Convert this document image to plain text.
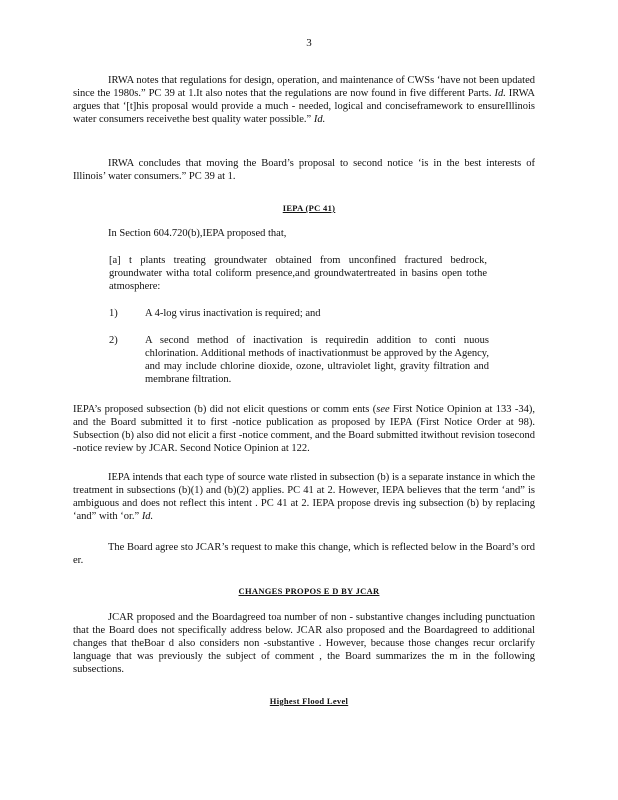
3
IRWA notes that regulations for design, operation, and maintenance of CWSs ‘have not been updated since the 1980s.” PC 39 at 1.It also notes that the regulations are now found in five different Parts. Id. IRWA argues that ‘[t]his proposal would provide a much - needed, logical and conciseframework to ensureIllinois water consumers receivethe best quality water possible.” Id.
IRWA concludes that moving the Board’s proposal to second notice ‘is in the best interests of Illinois’ water consumers.” PC 39 at 1.
IEPA (PC 41)
In Section 604.720(b),IEPA proposed that,
[a] t plants treating groundwater obtained from unconfined fractured bedrock, groundwater witha total coliform presence,and groundwatertreated in basins open tothe atmosphere:
1)	A 4-log virus inactivation is required; and
2)	A second method of inactivation is requiredin addition to conti nuous chlorination. Additional methods of inactivationmust be approved by the Agency, and may include chlorine dioxide, ozone, ultraviolet light, gravity filtration and membrane filtration.
IEPA’s proposed subsection (b) did not elicit questions or comm ents (see First Notice Opinion at 133 -34), and the Board submitted it to first -notice publication as proposed by IEPA (First Notice Order at 98). Subsection (b) also did not elicit a first -notice comment, and the Board submitted itwithout revision tosecond -notice review by JCAR. Second Notice Opinion at 122.
IEPA intends that each type of source wate rlisted in subsection (b) is a separate instance in which the treatment in subsections (b)(1) and (b)(2) applies. PC 41 at 2. However, IEPA believes that the term ‘and” is ambiguous and does not reflect this intent . PC 41 at 2. IEPA propose drevis ing subsection (b) by replacing ‘and” with ‘or.” Id.
The Board agree sto JCAR’s request to make this change, which is reflected below in the Board’s ord er.
CHANGES PROPOS E D BY JCAR
JCAR proposed and the Boardagreed toa number of non - substantive changes including punctuation that the Board does not specifically address below. JCAR also proposed and the Boardagreed to additional changes that theBoar d also considers non -substantive . However, because those changes recur orclarify language that was previously the subject of comment , the Board summarizes the m in the following subsections.
Highest Flood Level
